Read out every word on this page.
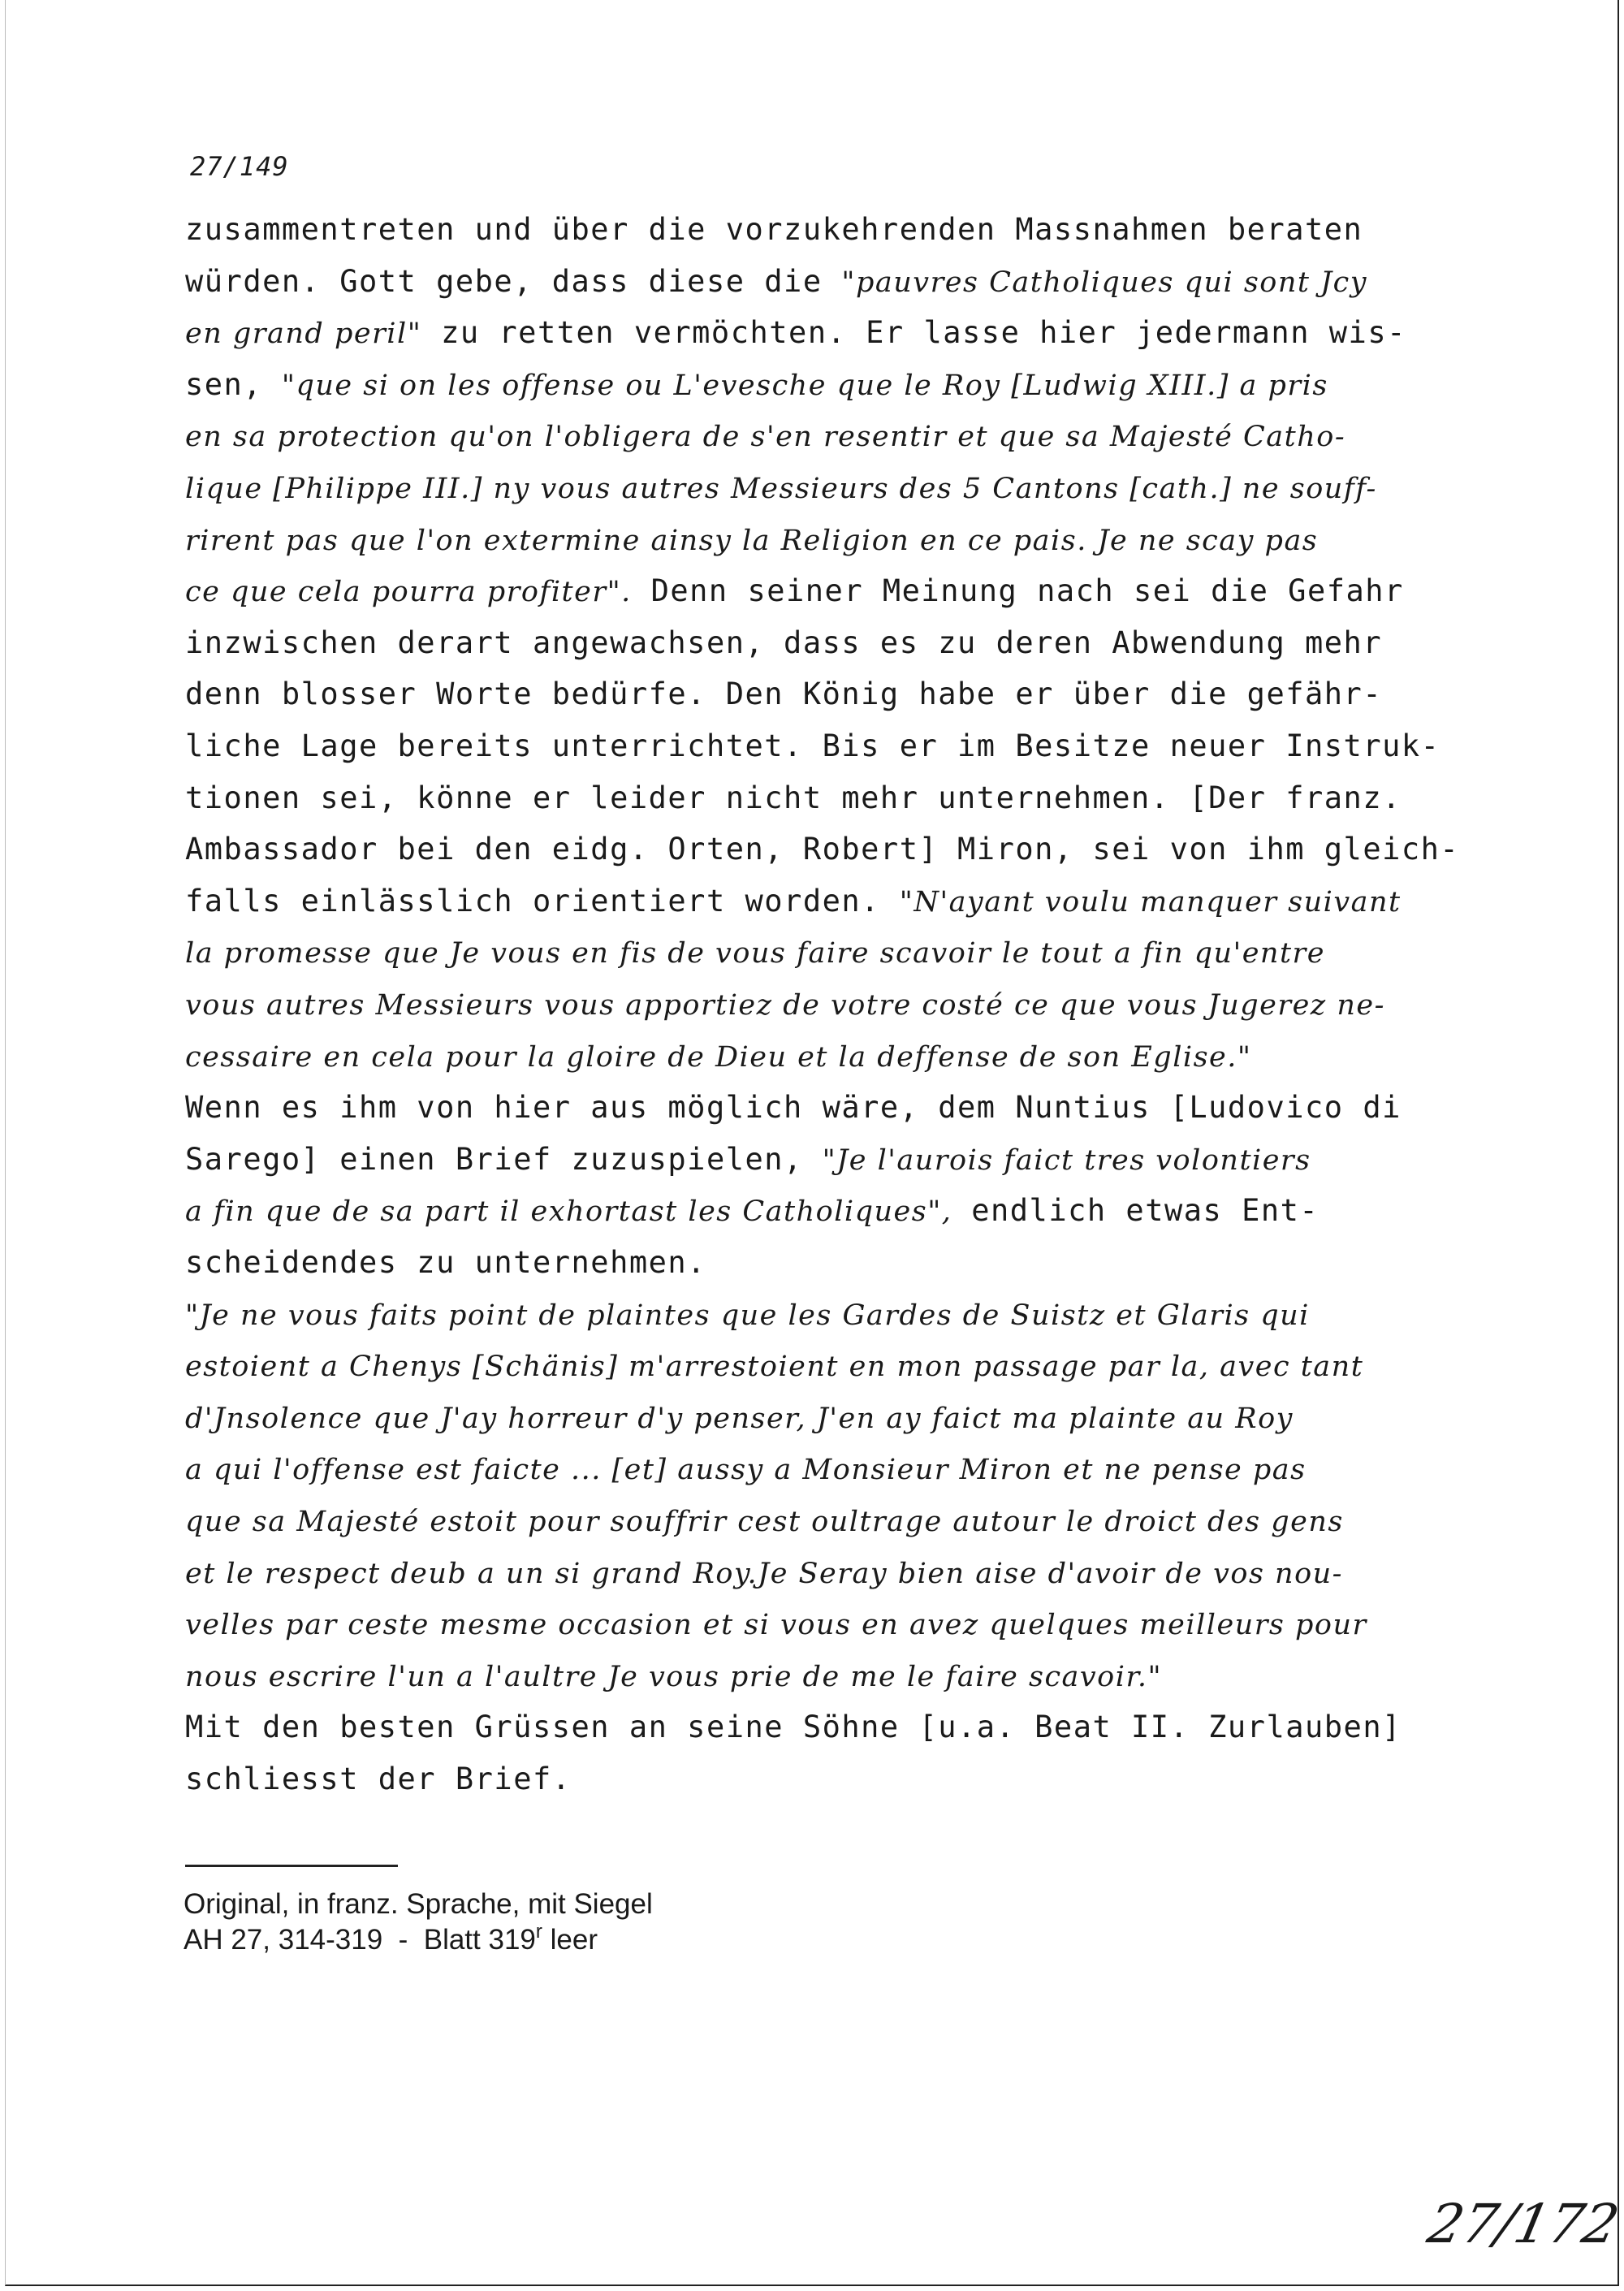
27/149
zusammentreten und über die vorzukehrenden Massnahmen beraten
würden. Gott gebe, dass diese die "pauvres Catholiques qui sont Jcy
en grand peril" zu retten vermöchten. Er lasse hier jedermann wis-
sen, "que si on les offense ou L'evesche que le Roy [Ludwig XIII.] a pris
en sa protection qu'on l'obligera de s'en resentir et que sa Majesté Catho-
lique [Philippe III.] ny vous autres Messieurs des 5 Cantons [cath.] ne souff-
rirent pas que l'on extermine ainsy la Religion en ce pais. Je ne scay pas
ce que cela pourra profiter". Denn seiner Meinung nach sei die Gefahr
inzwischen derart angewachsen, dass es zu deren Abwendung mehr
denn blosser Worte bedürfe. Den König habe er über die gefähr-
liche Lage bereits unterrichtet. Bis er im Besitze neuer Instruk-
tionen sei, könne er leider nicht mehr unternehmen. [Der franz.
Ambassador bei den eidg. Orten, Robert] Miron, sei von ihm gleich-
falls einlässlich orientiert worden. "N'ayant voulu manquer suivant
la promesse que Je vous en fis de vous faire scavoir le tout a fin qu'entre
vous autres Messieurs vous apportiez de votre costé ce que vous Jugerez ne-
cessaire en cela pour la gloire de Dieu et la deffense de son Eglise."
Wenn es ihm von hier aus möglich wäre, dem Nuntius [Ludovico di
Sarego] einen Brief zuzuspielen, "Je l'aurois faict tres volontiers
a fin que de sa part il exhortast les Catholiques", endlich etwas Ent-
scheidendes zu unternehmen.
"Je ne vous faits point de plaintes que les Gardes de Suistz et Glaris qui
estoient a Chenys [Schänis] m'arrestoient en mon passage par la, avec tant
d'Jnsolence que J'ay horreur d'y penser, J'en ay faict ma plainte au Roy
a qui l'offense est faicte ... [et] aussy a Monsieur Miron et ne pense pas
que sa Majesté estoit pour souffrir cest oultrage autour le droict des gens
et le respect deub a un si grand Roy.Je Seray bien aise d'avoir de vos nou-
velles par ceste mesme occasion et si vous en avez quelques meilleurs pour
nous escrire l'un a l'aultre Je vous prie de me le faire scavoir."
Mit den besten Grüssen an seine Söhne [u.a. Beat II. Zurlauben]
schliesst der Brief.
Original, in franz. Sprache, mit Siegel
AH 27, 314-319  -  Blatt 319$^r$ leer
27/172
